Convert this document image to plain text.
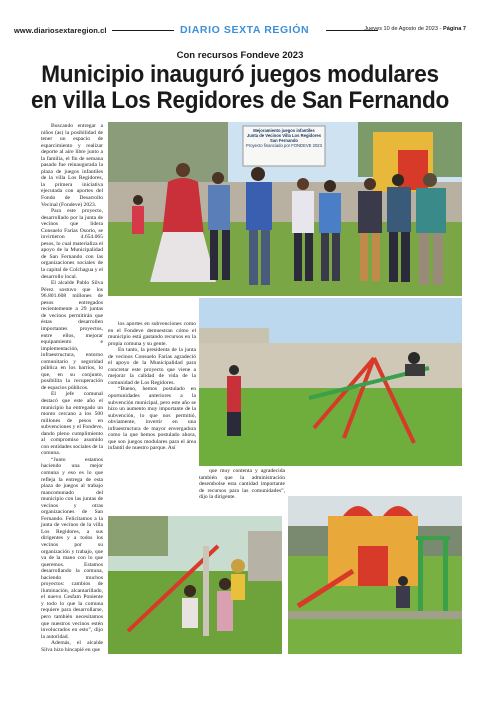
www.diariosextaregion.cl	DIARIO SEXTA REGIÓN	Jueves 10 de Agosto de 2023 - Página 7
Con recursos Fondeve 2023
Municipio inauguró juegos modulares en villa Los Regidores de San Fernando

Buscando entregar a niños (as) la posibilidad de tener un espacio de esparcimiento y realizar deporte al aire libre junto a la familia, el fin de semana pasado fue reinaugurada la plaza de juegos infantiles de la villa Los Regidores, la primera iniciativa ejecutada con aportes del Fondo de Desarrollo Vecinal (Fondeve) 2023.

Para este proyecto, desarrollado por la junta de vecinos que lidera Consuelo Farías Osorio, se invirtieron 4.654.065 pesos, lo cual materializa el apoyo de la Municipalidad de San Fernando con las organizaciones sociales de la capital de Colchagua y el desarrollo local.

El alcalde Pablo Silva Pérez sostuvo que los 96.801.608 millones de pesos entregados recientemente a 29 juntas de vecinos permitirán que éstas desarrollen importantes proyectos, entre ellos, mejorar equipamiento e implementación, infraestructura, entorno comunitario y seguridad pública en los barrios, lo que, en su conjunto, posibilita la recuperación de espacios públicos.

El jefe comunal destacó que este año el municipio ha entregado un monto cercano a los 500 millones de pesos en subvenciones y el Fondeve, dando pleno cumplimiento al compromiso asumido con entidades sociales de la comuna.

“Junto estamos haciendo una mejor comuna y eso es lo que refleja la entrega de esta plaza de juegos al trabajo mancomunado del municipio con las juntas de vecinos y otras organizaciones de San Fernando. Felicitamos a la junta de vecinos de la villa Los Regidores, a sus dirigentes y a todos los vecinos por su organización y trabajo, que va de la mano con lo que queremos. Estamos desarrollando la comuna, haciendo muchos proyectos: cambios de iluminación, alcantarillado, el nuevo Cesfam Poniente y todo lo que la comuna requiere para desarrollarse, pero también necesitamos que nuestros vecinos estén involucrados en esto”, dijo la autoridad.

Además, el alcalde Silva hizo hincapié en que

los aportes en subvenciones como en el Fondeve demuestran cómo el municipio está gastando recursos en la propia comuna y su gente.

En tanto, la presidenta de la junta de vecinos Consuelo Farías agradeció el apoyo de la Municipalidad para concretar este proyecto que viene a mejorar la calidad de vida de la comunidad de Los Regidores.

“Bueno, hemos postulado en oportunidades anteriores a la subvención municipal, pero este año se hizo un aumento muy importante de la subvención, lo que nos permitió, obviamente, invertir en una infraestructura de mayor envergadura como la que hemos postulado ahora, que son juegos modulares para el área infantil de nuestro parque. Así

que muy contenta y agradecida también que la administración desembolse esta cantidad importante de recursos para las comunidades”, dijo la dirigente.

Mejoramiento juegos infantiles
Junta de Vecinos Villa Los Regidores
San Fernando
Proyecto financiado por FONDEVE 2023
